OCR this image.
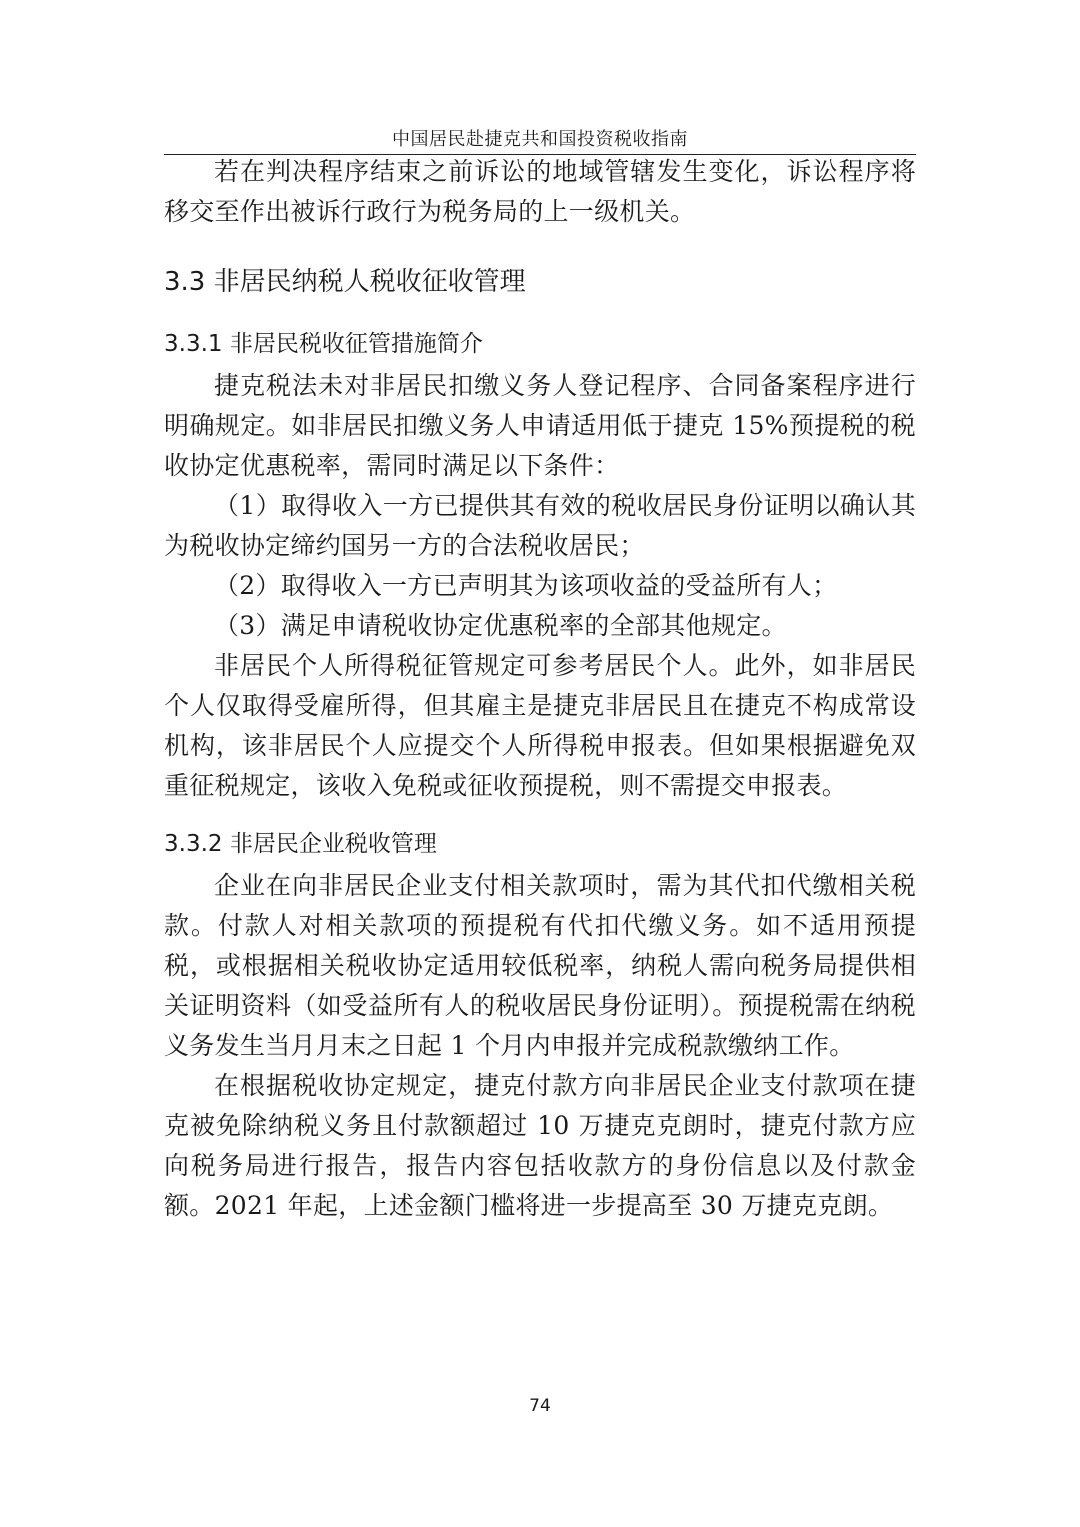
中国居民赴捷克共和国投资税收指南

若在判决程序结束之前诉讼的地域管辖发生变化，诉讼程序将移交至作出被诉行政行为税务局的上一级机关。

3.3 非居民纳税人税收征收管理
3.3.1 非居民税收征管措施简介

捷克税法未对非居民扣缴义务人登记程序、合同备案程序进行明确规定。如非居民扣缴义务人申请适用低于捷克 15%预提税的税收协定优惠税率，需同时满足以下条件：

（1）取得收入一方已提供其有效的税收居民身份证明以确认其为税收协定缔约国另一方的合法税收居民；

（2）取得收入一方已声明其为该项收益的受益所有人；

（3）满足申请税收协定优惠税率的全部其他规定。

非居民个人所得税征管规定可参考居民个人。此外，如非居民个人仅取得受雇所得，但其雇主是捷克非居民且在捷克不构成常设机构，该非居民个人应提交个人所得税申报表。但如果根据避免双重征税规定，该收入免税或征收预提税，则不需提交申报表。

3.3.2 非居民企业税收管理

企业在向非居民企业支付相关款项时，需为其代扣代缴相关税款。付款人对相关款项的预提税有代扣代缴义务。如不适用预提税，或根据相关税收协定适用较低税率，纳税人需向税务局提供相关证明资料（如受益所有人的税收居民身份证明）。预提税需在纳税义务发生当月月末之日起 1 个月内申报并完成税款缴纳工作。

在根据税收协定规定，捷克付款方向非居民企业支付款项在捷克被免除纳税义务且付款额超过 10 万捷克克朗时，捷克付款方应向税务局进行报告，报告内容包括收款方的身份信息以及付款金额。2021 年起，上述金额门槛将进一步提高至 30 万捷克克朗。

74
